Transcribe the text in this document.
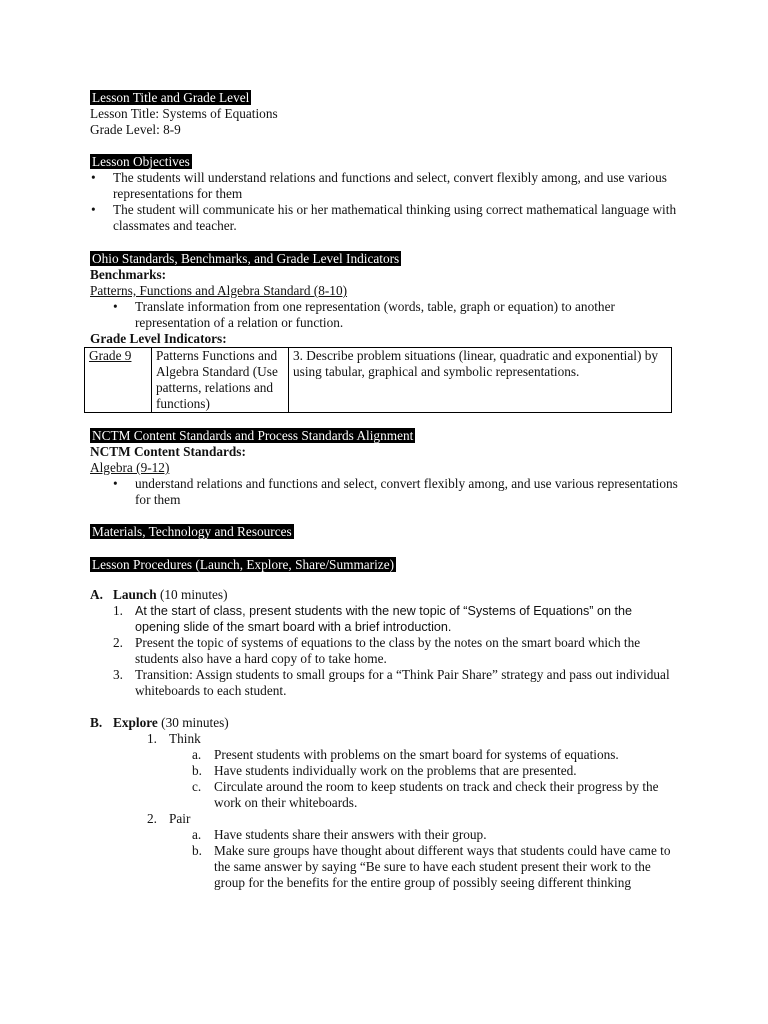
Lesson Title and Grade Level

Lesson Title: Systems of Equations

Grade Level: 8-9

Lesson Objectives

• The students will understand relations and functions and select, convert flexibly among, and use various representations for them
• The student will communicate his or her mathematical thinking using correct mathematical language with classmates and teacher.

Ohio Standards, Benchmarks, and Grade Level Indicators

Benchmarks:

Patterns, Functions and Algebra Standard (8-10)

• Translate information from one representation (words, table, graph or equation) to another representation of a relation or function.

Grade Level Indicators:

Grade 9	Patterns Functions and Algebra Standard (Use patterns, relations and functions)	3. Describe problem situations (linear, quadratic and exponential) by using tabular, graphical and symbolic representations.

NCTM Content Standards and Process Standards Alignment

NCTM Content Standards:

Algebra (9-12)

• understand relations and functions and select, convert flexibly among, and use various representations for them

Materials, Technology and Resources

Lesson Procedures (Launch, Explore, Share/Summarize)

A. Launch (10 minutes)
1. At the start of class, present students with the new topic of “Systems of Equations” on the opening slide of the smart board with a brief introduction.
2. Present the topic of systems of equations to the class by the notes on the smart board which the students also have a hard copy of to take home.
3. Transition: Assign students to small groups for a “Think Pair Share” strategy and pass out individual whiteboards to each student.
B. Explore (30 minutes)
1. Think
a. Present students with problems on the smart board for systems of equations.
b. Have students individually work on the problems that are presented.
c. Circulate around the room to keep students on track and check their progress by the work on their whiteboards.
2. Pair
a. Have students share their answers with their group.
b. Make sure groups have thought about different ways that students could have came to the same answer by saying “Be sure to have each student present their work to the group for the benefits for the entire group of possibly seeing different thinking
